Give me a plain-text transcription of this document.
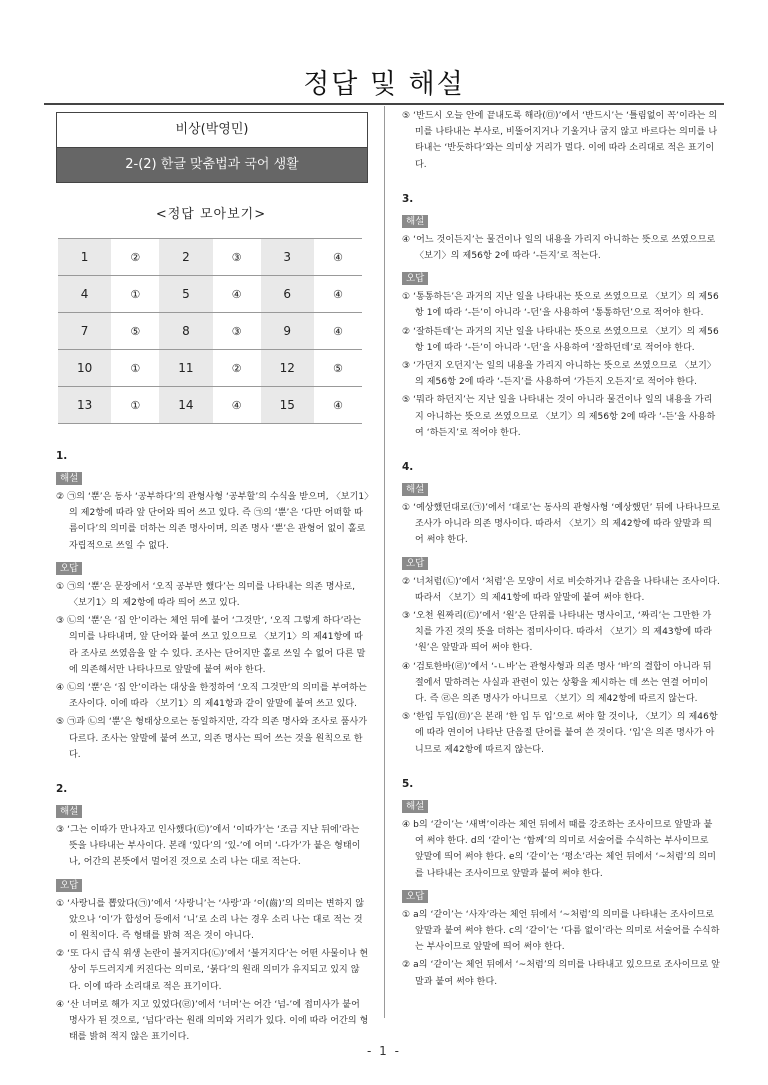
정답 및 해설
비상(박영민)
2-(2) 한글 맞춤법과 국어 생활
<정답 모아보기>
1	②	2	③	3	④
4	①	5	④	6	④
7	⑤	8	③	9	④
10	①	11	②	12	⑤
13	①	14	④	15	④
1.
해설
② ㉠의 ‘뿐’은 동사 ‘공부하다’의 관형사형 ‘공부할’의 수식을 받으며, 〈보기1〉의 제2항에 따라 앞 단어와 띄어 쓰고 있다. 즉 ㉠의 ‘뿐’은 ‘다만 어떠할 따름이다’의 의미를 더하는 의존 명사이며, 의존 명사 ‘뿐’은 관형어 없이 홀로 자립적으로 쓰일 수 없다.
오답
① ㉠의 ‘뿐’은 문장에서 ‘오직 공부만 했다’는 의미를 나타내는 의존 명사로, 〈보기1〉의 제2항에 따라 띄어 쓰고 있다.
③ ㉡의 ‘뿐’은 ‘집 안’이라는 체언 뒤에 붙어 ‘그것만’, ‘오직 그렇게 하다’라는 의미를 나타내며, 앞 단어와 붙여 쓰고 있으므로 〈보기1〉의 제41항에 따라 조사로 쓰였음을 알 수 있다. 조사는 단어지만 홀로 쓰일 수 없어 다른 말에 의존해서만 나타나므로 앞말에 붙여 써야 한다.
④ ㉡의 ‘뿐’은 ‘집 안’이라는 대상을 한정하여 ‘오직 그것만’의 의미를 부여하는 조사이다. 이에 따라 〈보기1〉의 제41항과 같이 앞말에 붙여 쓰고 있다.
⑤ ㉠과 ㉡의 ‘뿐’은 형태상으로는 동일하지만, 각각 의존 명사와 조사로 품사가 다르다. 조사는 앞말에 붙여 쓰고, 의존 명사는 띄어 쓰는 것을 원칙으로 한다.
2.
해설
③ ‘그는 이따가 만나자고 인사했다(㉢)’에서 ‘이따가’는 ‘조금 지난 뒤에’라는 뜻을 나타내는 부사이다. 본래 ‘있다’의 ‘있-’에 어미 ‘-다가’가 붙은 형태이나, 어간의 본뜻에서 멀어진 것으로 소리 나는 대로 적는다.
오답
① ‘사랑니를 뽑았다(㉠)’에서 ‘사랑니’는 ‘사랑’과 ‘이(齒)’의 의미는 변하지 않았으나 ‘이’가 합성어 등에서 ‘니’로 소리 나는 경우 소리 나는 대로 적는 것이 원칙이다. 즉 형태를 밝혀 적은 것이 아니다.
② ‘또 다시 급식 위생 논란이 불거지다(㉡)’에서 ‘불거지다’는 어떤 사물이나 현상이 두드러지게 커진다는 의미로, ‘붉다’의 원래 의미가 유지되고 있지 않다. 이에 따라 소리대로 적은 표기이다.
④ ‘산 너머로 해가 지고 있었다(㉣)’에서 ‘너머’는 어간 ‘넘-’에 접미사가 붙어 명사가 된 것으로, ‘넘다’라는 원래 의미와 거리가 있다. 이에 따라 어간의 형태를 밝혀 적지 않은 표기이다.
⑤ ‘반드시 오늘 안에 끝내도록 해라(㉤)’에서 ‘반드시’는 ‘틀림없이 꼭’이라는 의미를 나타내는 부사로, 비뚤어지거나 기울거나 굽지 않고 바르다는 의미를 나타내는 ‘반듯하다’와는 의미상 거리가 멀다. 이에 따라 소리대로 적은 표기이다.
3.
해설
④ ‘어느 것이든지’는 물건이나 일의 내용을 가리지 아니하는 뜻으로 쓰였으므로 〈보기〉의 제56항 2에 따라 ‘-든지’로 적는다.
오답
① ‘통통하든’은 과거의 지난 일을 나타내는 뜻으로 쓰였으므로 〈보기〉의 제56항 1에 따라 ‘-든’이 아니라 ‘-던’을 사용하여 ‘통통하던’으로 적어야 한다.
② ‘잘하든데’는 과거의 지난 일을 나타내는 뜻으로 쓰였으므로 〈보기〉의 제56항 1에 따라 ‘-든’이 아니라 ‘-던’을 사용하여 ‘잘하던데’로 적어야 한다.
③ ‘가던지 오던지’는 일의 내용을 가리지 아니하는 뜻으로 쓰였으므로 〈보기〉의 제56항 2에 따라 ‘-든지’를 사용하여 ‘가든지 오든지’로 적어야 한다.
⑤ ‘뭐라 하던지’는 지난 일을 나타내는 것이 아니라 물건이나 일의 내용을 가리지 아니하는 뜻으로 쓰였으므로 〈보기〉의 제56항 2에 따라 ‘-든’을 사용하여 ‘하든지’로 적어야 한다.
4.
해설
① ‘예상했던대로(㉠)’에서 ‘대로’는 동사의 관형사형 ‘예상했던’ 뒤에 나타나므로 조사가 아니라 의존 명사이다. 따라서 〈보기〉의 제42항에 따라 앞말과 띄어 써야 한다.
오답
② ‘너처럼(㉡)’에서 ‘처럼’은 모양이 서로 비슷하거나 같음을 나타내는 조사이다. 따라서 〈보기〉의 제41항에 따라 앞말에 붙여 써야 한다.
③ ‘오천 원짜리(㉢)’에서 ‘원’은 단위를 나타내는 명사이고, ‘짜리’는 그만한 가치를 가진 것의 뜻을 더하는 접미사이다. 따라서 〈보기〉의 제43항에 따라 ‘원’은 앞말과 띄어 써야 한다.
④ ‘검토한바(㉣)’에서 ‘-ㄴ바’는 관형사형과 의존 명사 ‘바’의 결합이 아니라 뒤 절에서 말하려는 사실과 관련이 있는 상황을 제시하는 데 쓰는 연결 어미이다. 즉 ㉣은 의존 명사가 아니므로 〈보기〉의 제42항에 따르지 않는다.
⑤ ‘한입 두입(㉤)’은 본래 ‘한 입 두 입’으로 써야 할 것이나, 〈보기〉의 제46항에 따라 연이어 나타난 단음절 단어를 붙여 쓴 것이다. ‘입’은 의존 명사가 아니므로 제42항에 따르지 않는다.
5.
해설
④ b의 ‘같이’는 ‘새벽’이라는 체언 뒤에서 때를 강조하는 조사이므로 앞말과 붙여 써야 한다. d의 ‘같이’는 ‘함께’의 의미로 서술어를 수식하는 부사이므로 앞말에 띄어 써야 한다. e의 ‘같이’는 ‘평소’라는 체언 뒤에서 ‘~처럼’의 의미를 나타내는 조사이므로 앞말과 붙여 써야 한다.
오답
① a의 ‘같이’는 ‘사자’라는 체언 뒤에서 ‘~처럼’의 의미를 나타내는 조사이므로 앞말과 붙여 써야 한다. c의 ‘같이’는 ‘다름 없이’라는 의미로 서술어를 수식하는 부사이므로 앞말에 띄어 써야 한다.
② a의 ‘같이’는 체언 뒤에서 ‘~처럼’의 의미를 나타내고 있으므로 조사이므로 앞말과 붙여 써야 한다.
- 1 -
